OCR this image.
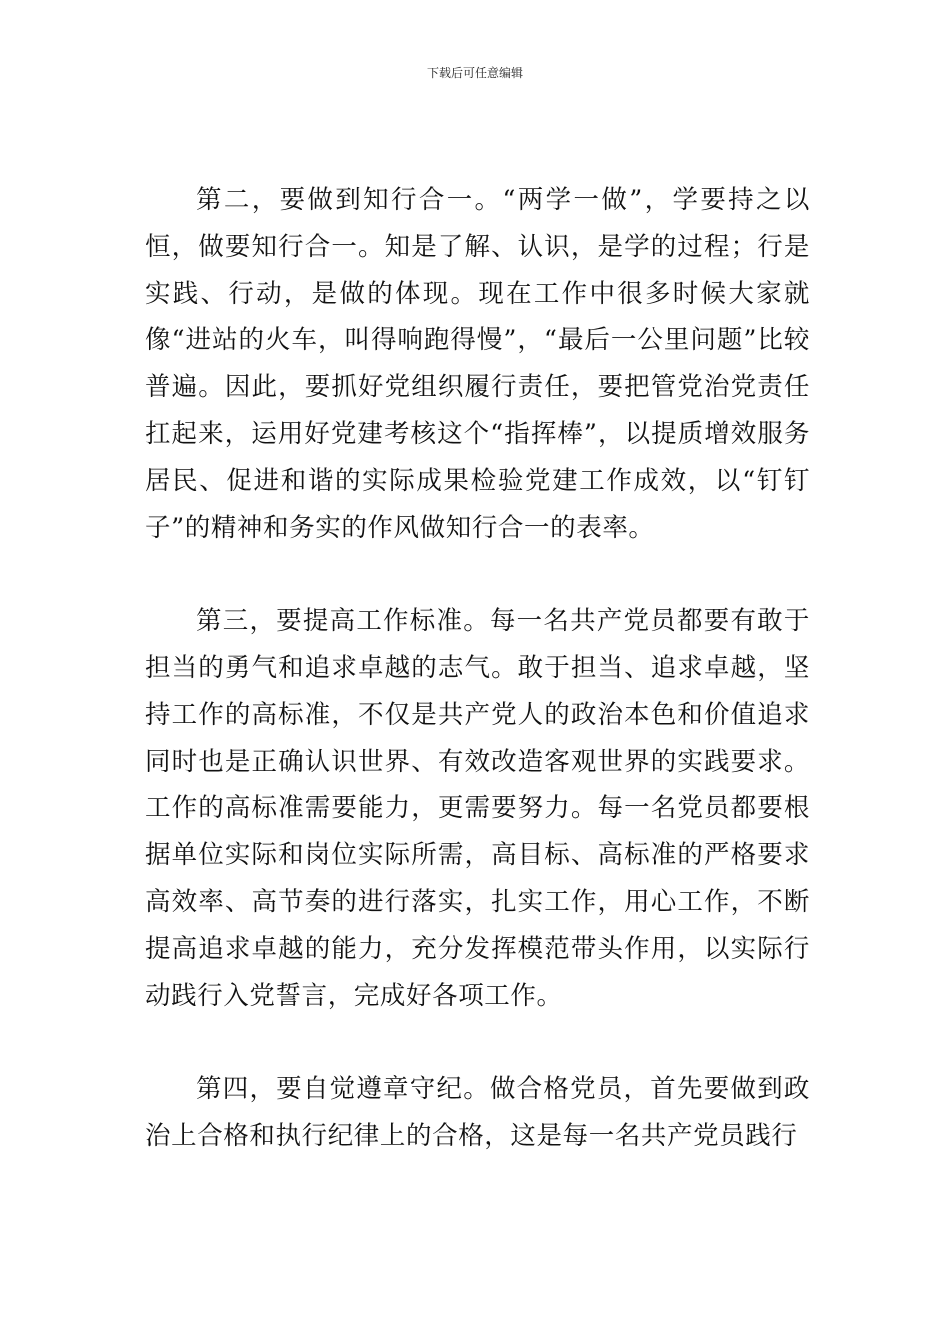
下载后可任意编辑

第二，要做到知行合一。“两学一做”，学要持之以恒，做要知行合一。知是了解、认识，是学的过程；行是实践、行动，是做的体现。现在工作中很多时候大家就像“进站的火车，叫得响跑得慢”，“最后一公里问题”比较普遍。因此，要抓好党组织履行责任，要把管党治党责任扛起来，运用好党建考核这个“指挥棒”，以提质增效服务居民、促进和谐的实际成果检验党建工作成效，以“钉钉子”的精神和务实的作风做知行合一的表率。

第三，要提高工作标准。每一名共产党员都要有敢于担当的勇气和追求卓越的志气。敢于担当、追求卓越，坚持工作的高标准，不仅是共产党人的政治本色和价值追求同时也是正确认识世界、有效改造客观世界的实践要求。工作的高标准需要能力，更需要努力。每一名党员都要根据单位实际和岗位实际所需，高目标、高标准的严格要求高效率、高节奏的进行落实，扎实工作，用心工作，不断提高追求卓越的能力，充分发挥模范带头作用，以实际行动践行入党誓言，完成好各项工作。

第四，要自觉遵章守纪。做合格党员，首先要做到政治上合格和执行纪律上的合格，这是每一名共产党员践行
